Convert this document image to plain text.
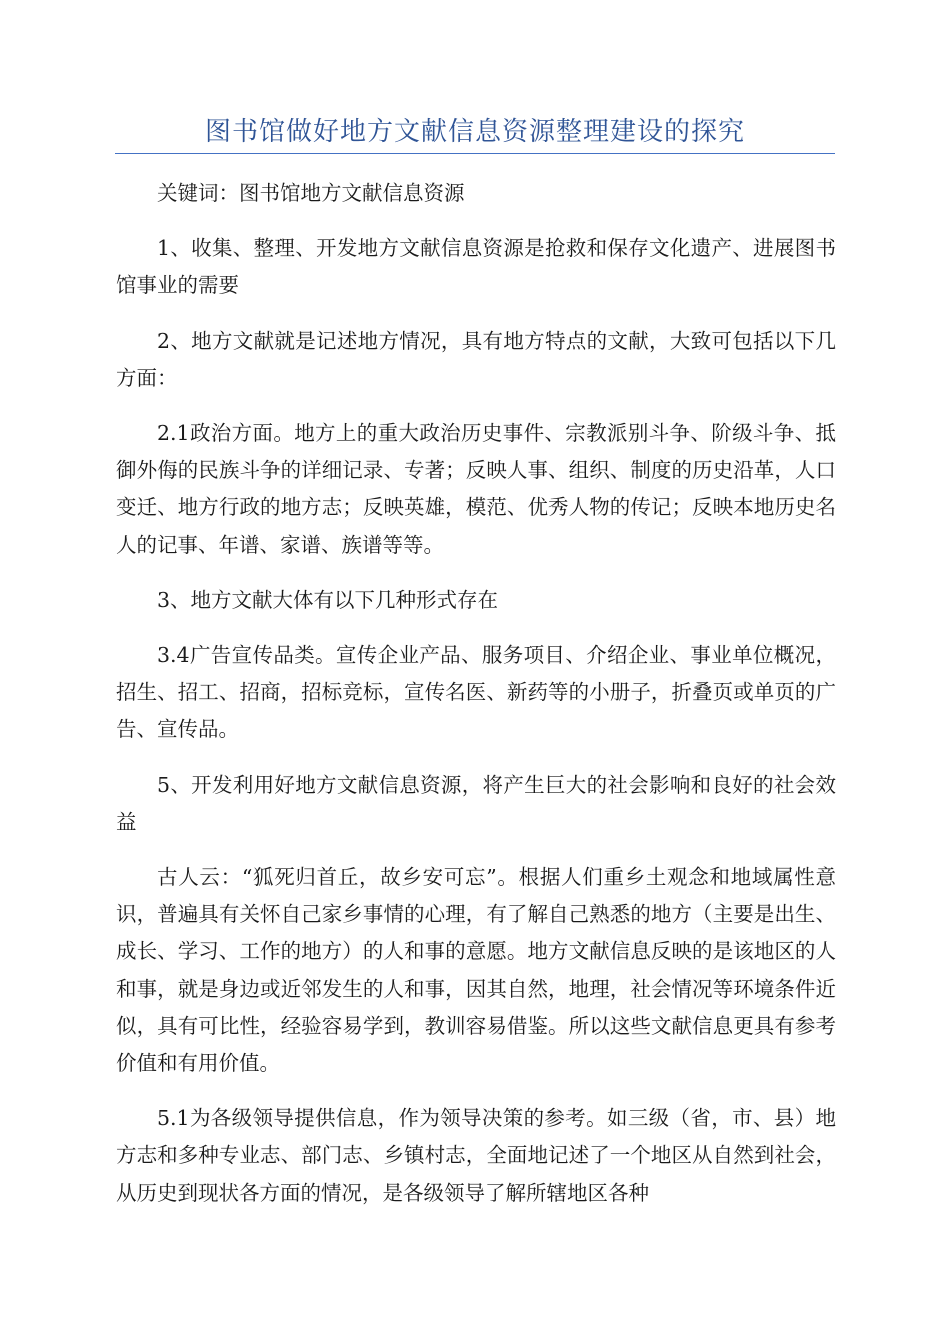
图书馆做好地方文献信息资源整理建设的探究

关键词：图书馆地方文献信息资源

1、收集、整理、开发地方文献信息资源是抢救和保存文化遗产、进展图书馆事业的需要

2、地方文献就是记述地方情况，具有地方特点的文献，大致可包括以下几方面：

2.1政治方面。地方上的重大政治历史事件、宗教派别斗争、阶级斗争、抵御外侮的民族斗争的详细记录、专著；反映人事、组织、制度的历史沿革，人口变迁、地方行政的地方志；反映英雄，模范、优秀人物的传记；反映本地历史名人的记事、年谱、家谱、族谱等等。

3、地方文献大体有以下几种形式存在

3.4广告宣传品类。宣传企业产品、服务项目、介绍企业、事业单位概况，招生、招工、招商，招标竞标，宣传名医、新药等的小册子，折叠页或单页的广告、宣传品。

5、开发利用好地方文献信息资源，将产生巨大的社会影响和良好的社会效益

古人云：“狐死归首丘，故乡安可忘”。根据人们重乡土观念和地域属性意识，普遍具有关怀自己家乡事情的心理，有了解自己熟悉的地方（主要是出生、成长、学习、工作的地方）的人和事的意愿。地方文献信息反映的是该地区的人和事，就是身边或近邻发生的人和事，因其自然，地理，社会情况等环境条件近似，具有可比性，经验容易学到，教训容易借鉴。所以这些文献信息更具有参考价值和有用价值。

5.1为各级领导提供信息，作为领导决策的参考。如三级（省，市、县）地方志和多种专业志、部门志、乡镇村志，全面地记述了一个地区从自然到社会，从历史到现状各方面的情况，是各级领导了解所辖地区各种
